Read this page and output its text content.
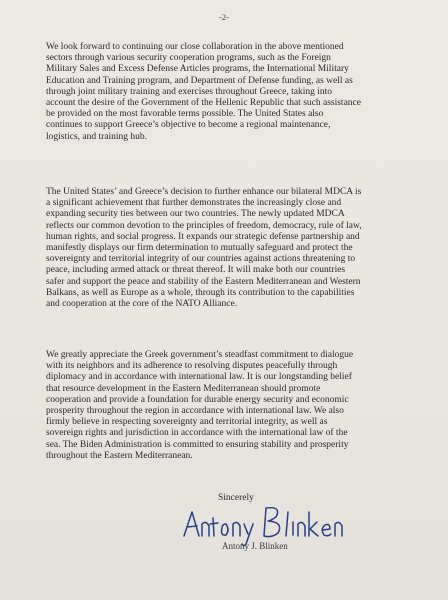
-2-

We look forward to continuing our close collaboration in the above mentioned
sectors through various security cooperation programs, such as the Foreign
Military Sales and Excess Defense Articles programs, the International Military
Education and Training program, and Department of Defense funding, as well as
through joint military training and exercises throughout Greece, taking into
account the desire of the Government of the Hellenic Republic that such assistance
be provided on the most favorable terms possible. The United States also
continues to support Greece’s objective to become a regional maintenance,
logistics, and training hub.

The United States’ and Greece’s decision to further enhance our bilateral MDCA is
a significant achievement that further demonstrates the increasingly close and
expanding security ties between our two countries. The newly updated MDCA
reflects our common devotion to the principles of freedom, democracy, rule of law,
human rights, and social progress. It expands our strategic defense partnership and
manifestly displays our firm determination to mutually safeguard and protect the
sovereignty and territorial integrity of our countries against actions threatening to
peace, including armed attack or threat thereof. It will make both our countries
safer and support the peace and stability of the Eastern Mediterranean and Western
Balkans, as well as Europe as a whole, through its contribution to the capabilities
and cooperation at the core of the NATO Alliance.

We greatly appreciate the Greek government’s steadfast commitment to dialogue
with its neighbors and its adherence to resolving disputes peacefully through
diplomacy and in accordance with international law. It is our longstanding belief
that resource development in the Eastern Mediterranean should promote
cooperation and provide a foundation for durable energy security and economic
prosperity throughout the region in accordance with international law. We also
firmly believe in respecting sovereignty and territorial integrity, as well as
sovereign rights and jurisdiction in accordance with the international law of the
sea. The Biden Administration is committed to ensuring stability and prosperity
throughout the Eastern Mediterranean.

Sincerely
Antony J. Blinken
